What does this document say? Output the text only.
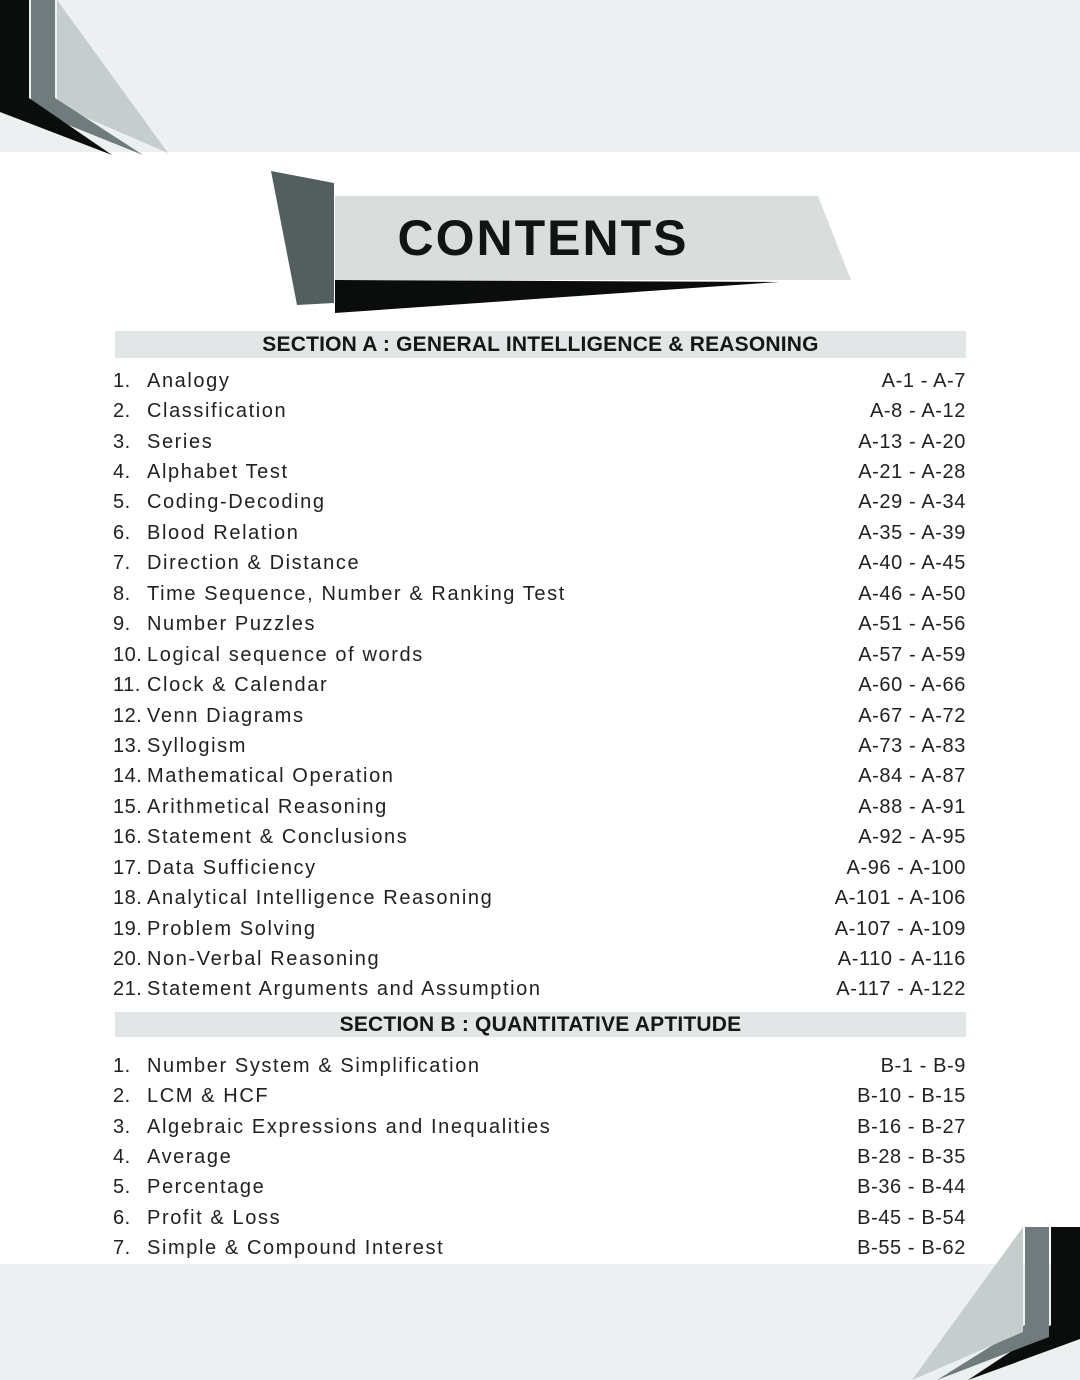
CONTENTS
SECTION A : GENERAL INTELLIGENCE & REASONING
1. Analogy	A-1 - A-7
2. Classification	A-8 - A-12
3. Series	A-13 - A-20
4. Alphabet Test	A-21 - A-28
5. Coding-Decoding	A-29 - A-34
6. Blood Relation	A-35 - A-39
7. Direction & Distance	A-40 - A-45
8. Time Sequence, Number & Ranking Test	A-46 - A-50
9. Number Puzzles	A-51 - A-56
10. Logical sequence of words	A-57 - A-59
11. Clock & Calendar	A-60 - A-66
12. Venn Diagrams	A-67 - A-72
13. Syllogism	A-73 - A-83
14. Mathematical Operation	A-84 - A-87
15. Arithmetical Reasoning	A-88 - A-91
16. Statement & Conclusions	A-92 - A-95
17. Data Sufficiency	A-96 - A-100
18. Analytical Intelligence Reasoning	A-101 - A-106
19. Problem Solving	A-107 - A-109
20. Non-Verbal Reasoning	A-110 - A-116
21. Statement Arguments and Assumption	A-117 - A-122
SECTION B : QUANTITATIVE APTITUDE
1. Number System & Simplification	B-1 - B-9
2. LCM & HCF	B-10 - B-15
3. Algebraic Expressions and Inequalities	B-16 - B-27
4. Average	B-28 - B-35
5. Percentage	B-36 - B-44
6. Profit & Loss	B-45 - B-54
7. Simple & Compound Interest	B-55 - B-62
